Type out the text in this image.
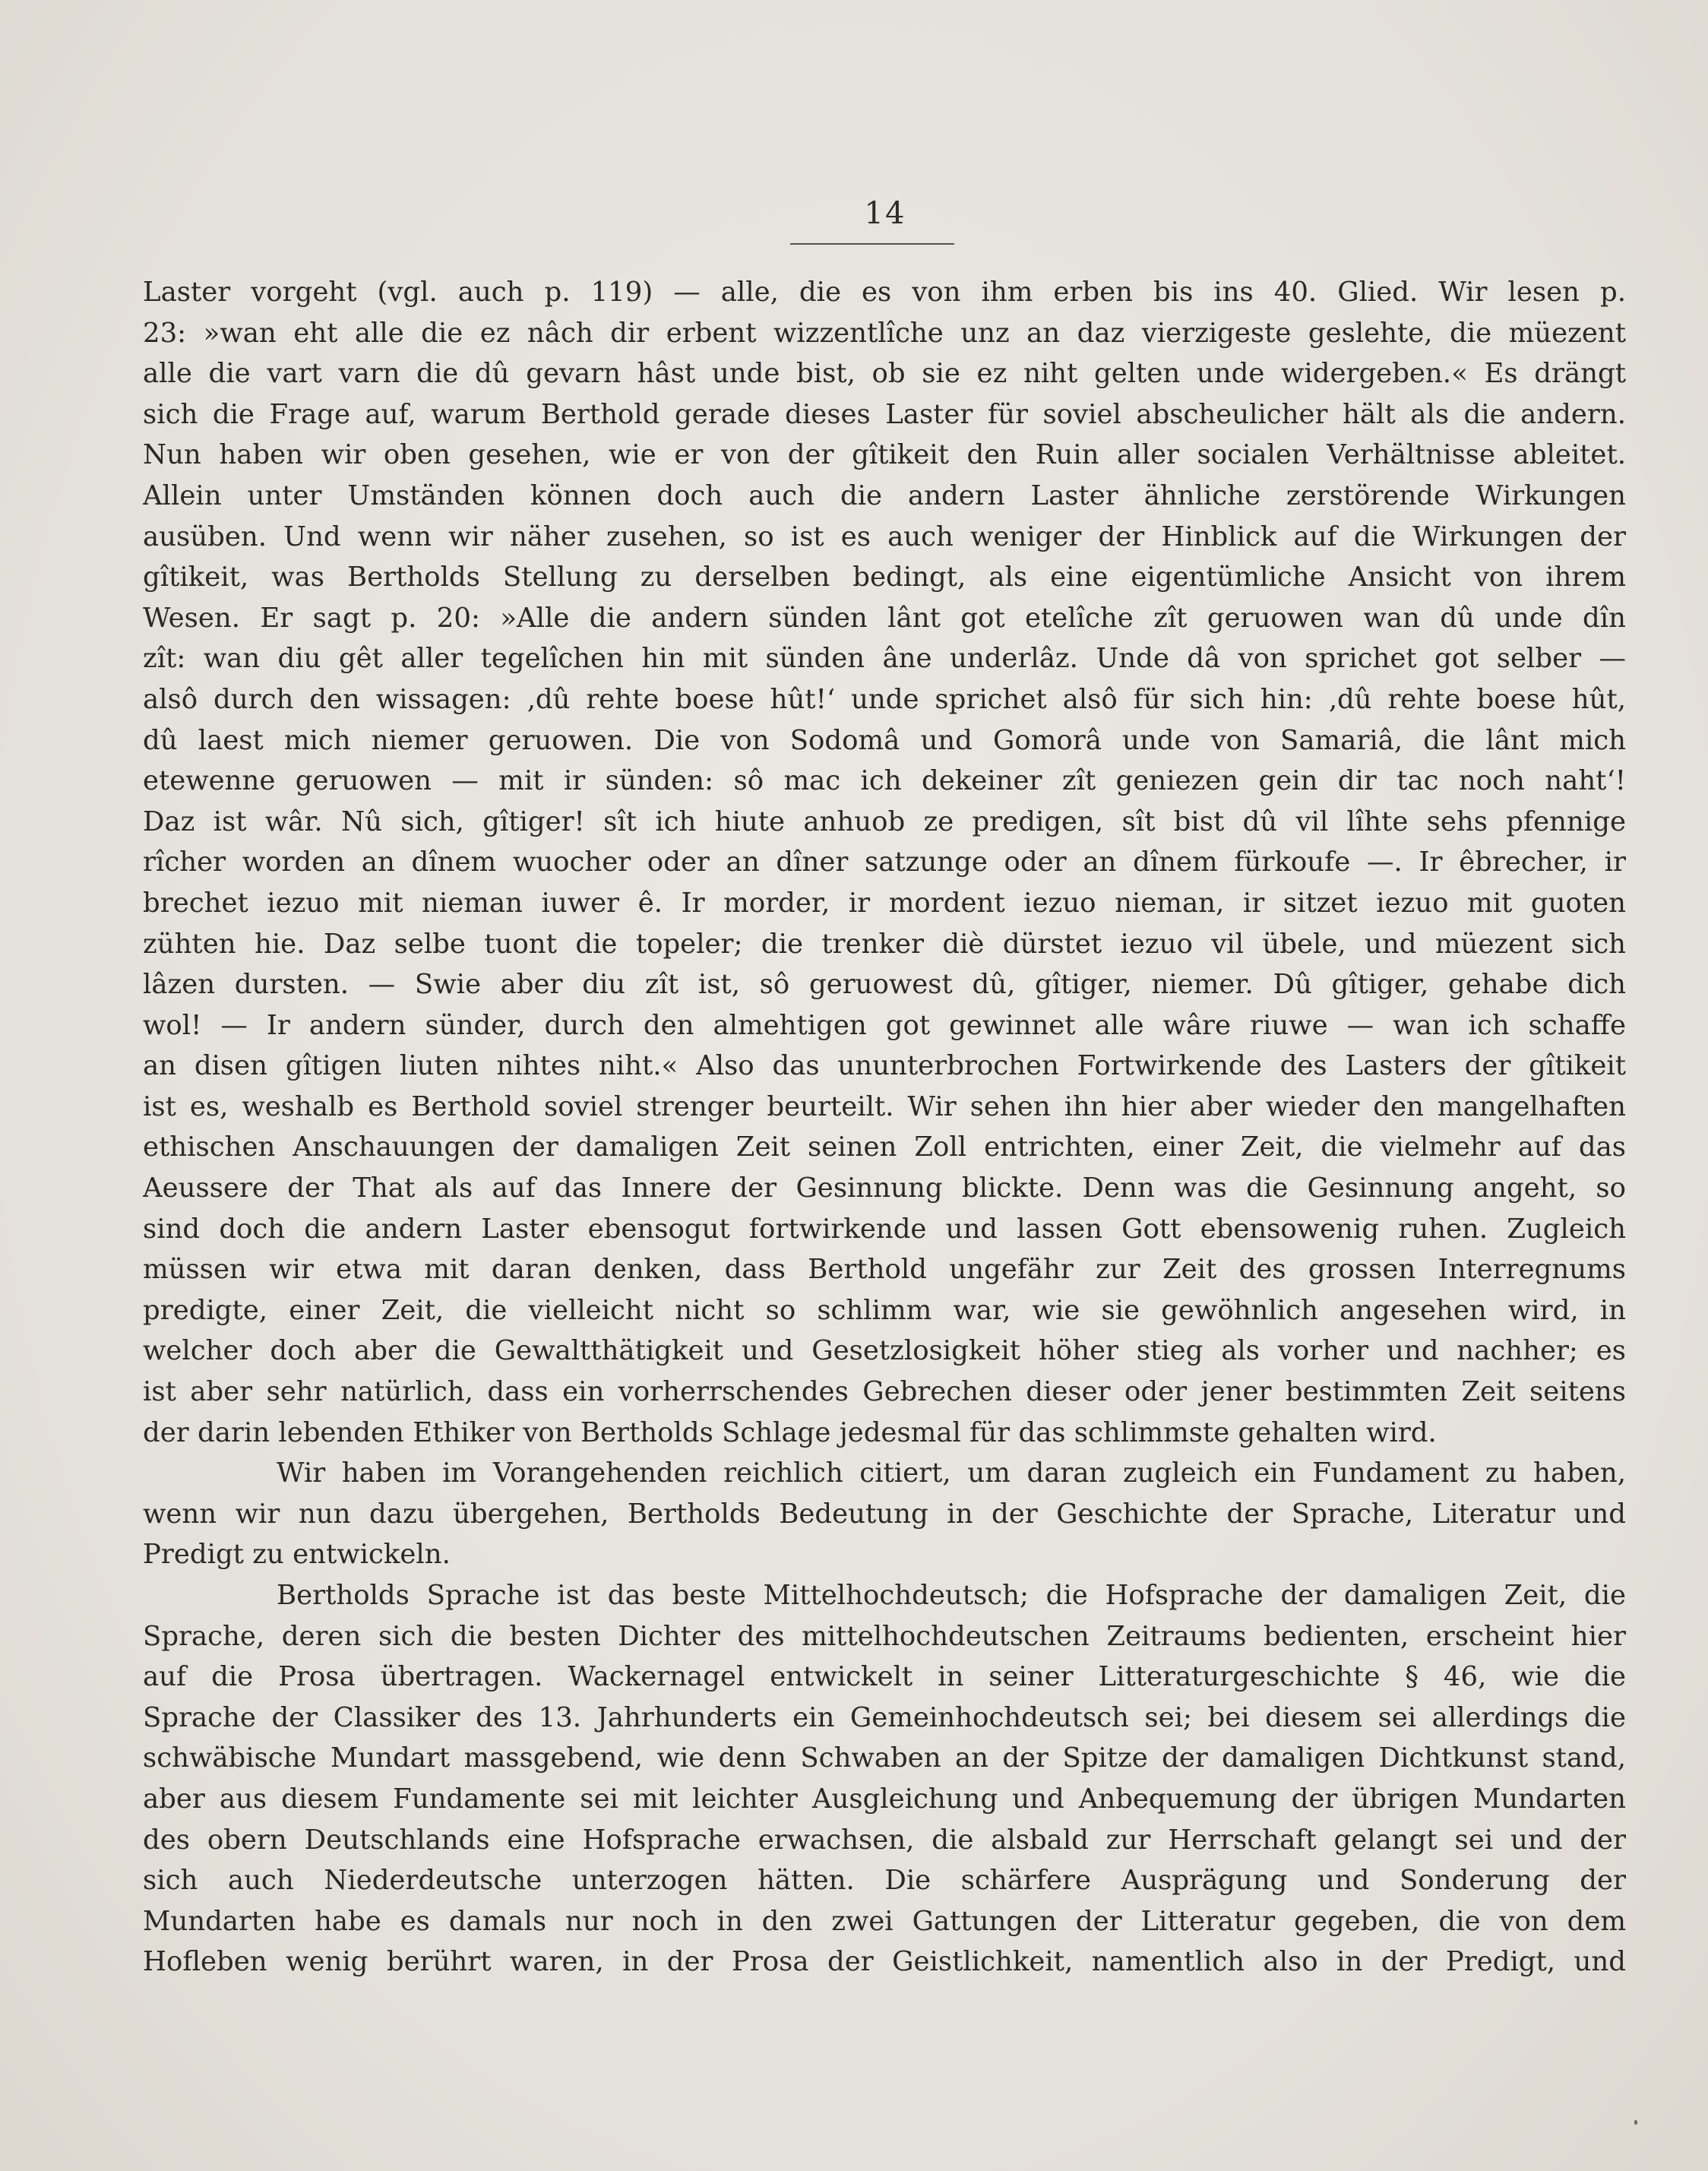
14
Laster vorgeht (vgl. auch p. 119) — alle, die es von ihm erben bis ins 40. Glied. Wir lesen p.
23: »wan eht alle die ez nâch dir erbent wizzentlîche unz an daz vierzigeste geslehte, die müezent
alle die vart varn die dû gevarn hâst unde bist, ob sie ez niht gelten unde widergeben.« Es drängt
sich die Frage auf, warum Berthold gerade dieses Laster für soviel abscheulicher hält als die andern.
Nun haben wir oben gesehen, wie er von der gîtikeit den Ruin aller socialen Verhältnisse ableitet.
Allein unter Umständen können doch auch die andern Laster ähnliche zerstörende Wirkungen
ausüben. Und wenn wir näher zusehen, so ist es auch weniger der Hinblick auf die Wirkungen der
gîtikeit, was Bertholds Stellung zu derselben bedingt, als eine eigentümliche Ansicht von ihrem
Wesen. Er sagt p. 20: »Alle die andern sünden lânt got etelîche zît geruowen wan dû unde dîn
zît: wan diu gêt aller tegelîchen hin mit sünden âne underlâz. Unde dâ von sprichet got selber —
alsô durch den wissagen: ‚dû rehte boese hût!‘ unde sprichet alsô für sich hin: ‚dû rehte boese hût,
dû laest mich niemer geruowen. Die von Sodomâ und Gomorâ unde von Samariâ, die lânt mich
etewenne geruowen — mit ir sünden: sô mac ich dekeiner zît geniezen gein dir tac noch naht‘!
Daz ist wâr. Nû sich, gîtiger! sît ich hiute anhuob ze predigen, sît bist dû vil lîhte sehs pfennige
rîcher worden an dînem wuocher oder an dîner satzunge oder an dînem fürkoufe —. Ir êbrecher, ir
brechet iezuo mit nieman iuwer ê. Ir morder, ir mordent iezuo nieman, ir sitzet iezuo mit guoten
zühten hie. Daz selbe tuont die topeler; die trenker diè dürstet iezuo vil übele, und müezent sich
lâzen dursten. — Swie aber diu zît ist, sô geruowest dû, gîtiger, niemer. Dû gîtiger, gehabe dich
wol! — Ir andern sünder, durch den almehtigen got gewinnet alle wâre riuwe — wan ich schaffe
an disen gîtigen liuten nihtes niht.« Also das ununterbrochen Fortwirkende des Lasters der gîtikeit
ist es, weshalb es Berthold soviel strenger beurteilt. Wir sehen ihn hier aber wieder den mangelhaften
ethischen Anschauungen der damaligen Zeit seinen Zoll entrichten, einer Zeit, die vielmehr auf das
Aeussere der That als auf das Innere der Gesinnung blickte. Denn was die Gesinnung angeht, so
sind doch die andern Laster ebensogut fortwirkende und lassen Gott ebensowenig ruhen. Zugleich
müssen wir etwa mit daran denken, dass Berthold ungefähr zur Zeit des grossen Interregnums
predigte, einer Zeit, die vielleicht nicht so schlimm war, wie sie gewöhnlich angesehen wird, in
welcher doch aber die Gewaltthätigkeit und Gesetzlosigkeit höher stieg als vorher und nachher; es
ist aber sehr natürlich, dass ein vorherrschendes Gebrechen dieser oder jener bestimmten Zeit seitens
der darin lebenden Ethiker von Bertholds Schlage jedesmal für das schlimmste gehalten wird.
Wir haben im Vorangehenden reichlich citiert, um daran zugleich ein Fundament zu haben,
wenn wir nun dazu übergehen, Bertholds Bedeutung in der Geschichte der Sprache, Literatur und
Predigt zu entwickeln.
Bertholds Sprache ist das beste Mittelhochdeutsch; die Hofsprache der damaligen Zeit, die
Sprache, deren sich die besten Dichter des mittelhochdeutschen Zeitraums bedienten, erscheint hier
auf die Prosa übertragen. Wackernagel entwickelt in seiner Litteraturgeschichte § 46, wie die
Sprache der Classiker des 13. Jahrhunderts ein Gemeinhochdeutsch sei; bei diesem sei allerdings die
schwäbische Mundart massgebend, wie denn Schwaben an der Spitze der damaligen Dichtkunst stand,
aber aus diesem Fundamente sei mit leichter Ausgleichung und Anbequemung der übrigen Mundarten
des obern Deutschlands eine Hofsprache erwachsen, die alsbald zur Herrschaft gelangt sei und der
sich auch Niederdeutsche unterzogen hätten. Die schärfere Ausprägung und Sonderung der
Mundarten habe es damals nur noch in den zwei Gattungen der Litteratur gegeben, die von dem
Hofleben wenig berührt waren, in der Prosa der Geistlichkeit, namentlich also in der Predigt, und
